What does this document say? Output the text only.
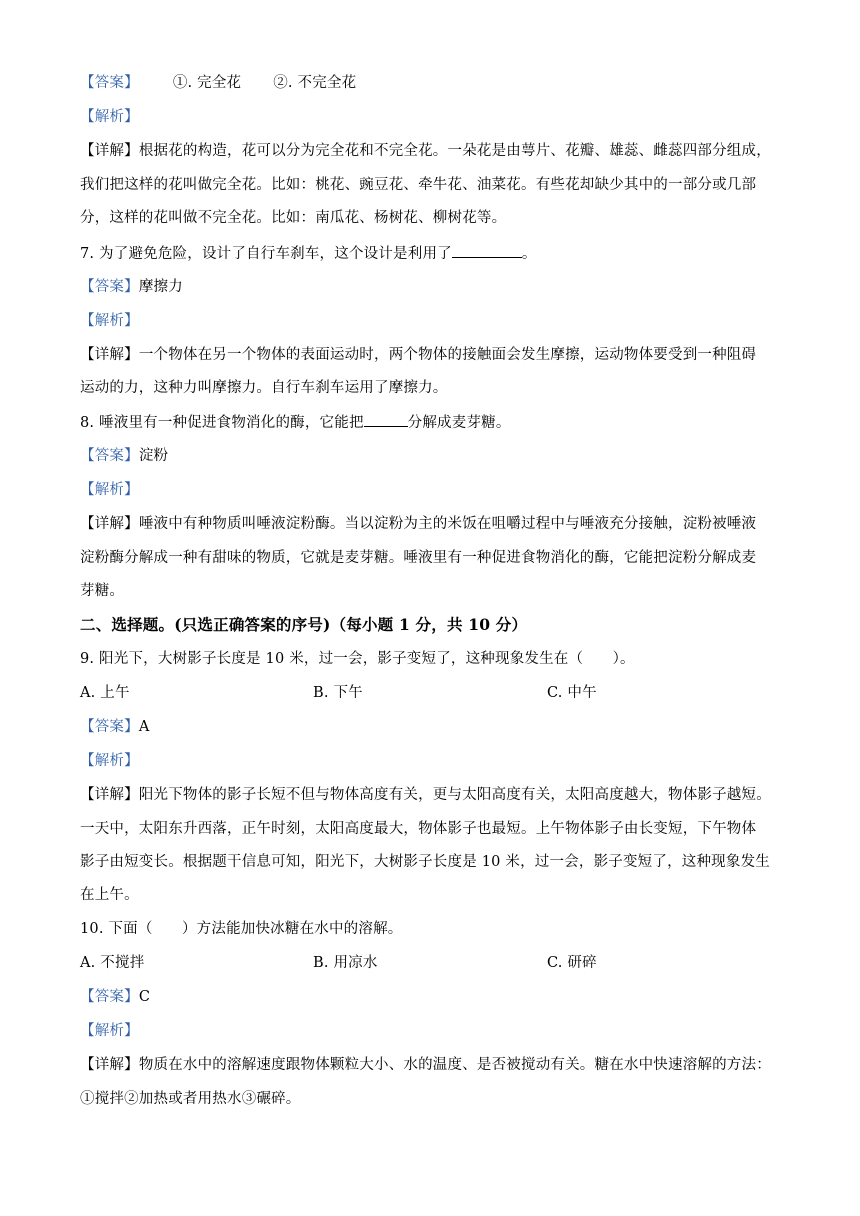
【答案】 ①. 完全花 ②. 不完全花
【解析】
【详解】根据花的构造，花可以分为完全花和不完全花。一朵花是由萼片、花瓣、雄蕊、雌蕊四部分组成，
我们把这样的花叫做完全花。比如：桃花、豌豆花、牵牛花、油菜花。有些花却缺少其中的一部分或几部
分，这样的花叫做不完全花。比如：南瓜花、杨树花、柳树花等。
7. 为了避免危险，设计了自行车刹车，这个设计是利用了	。
【答案】摩擦力
【解析】
【详解】一个物体在另一个物体的表面运动时，两个物体的接触面会发生摩擦，运动物体要受到一种阻碍
运动的力，这种力叫摩擦力。自行车刹车运用了摩擦力。
8. 唾液里有一种促进食物消化的酶，它能把	分解成麦芽糖。
【答案】淀粉
【解析】
【详解】唾液中有种物质叫唾液淀粉酶。当以淀粉为主的米饭在咀嚼过程中与唾液充分接触，淀粉被唾液
淀粉酶分解成一种有甜味的物质，它就是麦芽糖。唾液里有一种促进食物消化的酶，它能把淀粉分解成麦
芽糖。
二、选择题。(只选正确答案的序号)（每小题 1 分，共 10 分）
9. 阳光下，大树影子长度是 10 米，过一会，影子变短了，这种现象发生在（　　）。
A. 上午	B. 下午	C. 中午
【答案】A
【解析】
【详解】阳光下物体的影子长短不但与物体高度有关，更与太阳高度有关，太阳高度越大，物体影子越短。
一天中，太阳东升西落，正午时刻，太阳高度最大，物体影子也最短。上午物体影子由长变短，下午物体
影子由短变长。根据题干信息可知，阳光下，大树影子长度是 10 米，过一会，影子变短了，这种现象发生
在上午。
10. 下面（　　）方法能加快冰糖在水中的溶解。
A. 不搅拌	B. 用凉水	C. 研碎
【答案】C
【解析】
【详解】物质在水中的溶解速度跟物体颗粒大小、水的温度、是否被搅动有关。糖在水中快速溶解的方法：
①搅拌②加热或者用热水③碾碎。
